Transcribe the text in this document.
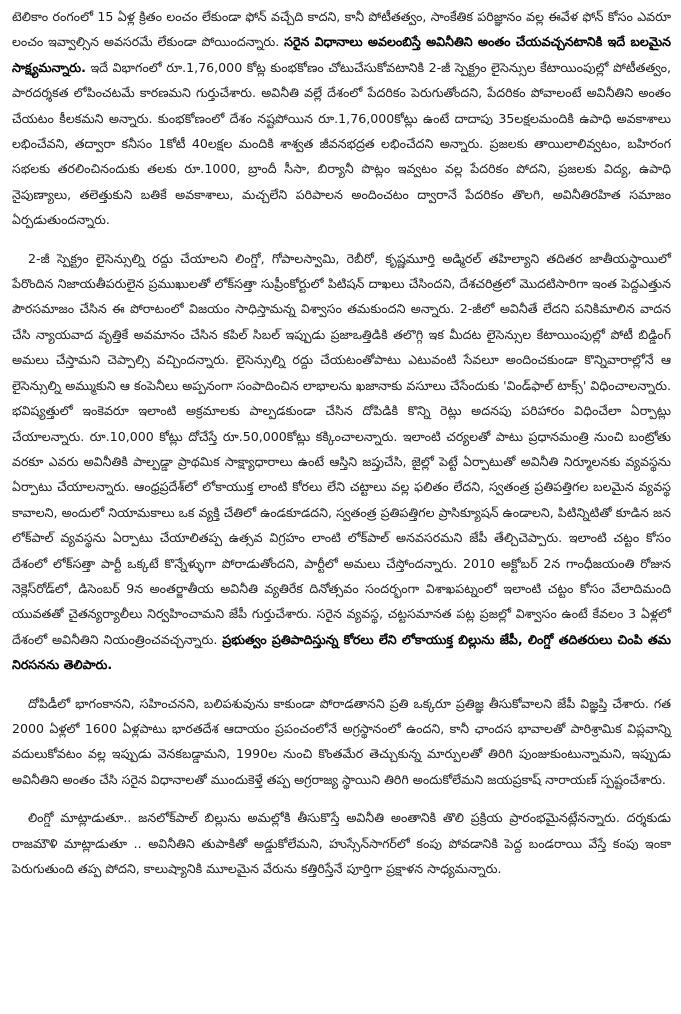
టెలికాం రంగంలో 15 ఏళ్ల క్రితం లంచం లేకుండా ఫోన్ వచ్చేది కాదని, కానీ పోటీతత్వం, సాంకేతిక పరిజ్ఞానం వల్ల ఈవేళ ఫోన్ కోసం ఎవరూ లంచం ఇవ్వాల్సిన అవసరమే లేకుండా పోయిందన్నారు. సరైన విధానాలు అవలంబిస్తే అవినీతిని అంతం చేయవచ్చనటానికి ఇదే బలమైన సాక్ష్యమన్నారు. ఇదే విభాగంలో రూ.1,76,000 కోట్ల కుంభకోణం చోటుచేసుకోవటానికి 2-జీ స్పెక్ట్రం లైసెన్సుల కేటాయింపుల్లో పోటీతత్వం, పారదర్శకత లోపించటమే కారణమని గుర్తుచేశారు. అవినీతి వల్లే దేశంలో పేదరికం పెరుగుతోందని, పేదరికం పోవాలంటే అవినీతిని అంతం చేయటం కీలకమని అన్నారు. కుంభకోణంలో దేశం నష్టపోయిన రూ.1,76,000కోట్లు ఉంటే దాదాపు 35లక్షలమందికి ఉపాధి అవకాశాలు లభించేవని, తద్వారా కనీసం 1కోటీ 40లక్షల మందికి శాశ్వత జీవనభద్రత లభించేదని అన్నారు. ప్రజలకు తాయిలాలివ్వటం, బహిరంగ సభలకు తరలించినందుకు తలకు రూ.1000, బ్రాందీ సీసా, బిర్యానీ పొట్లం ఇవ్వటం వల్ల పేదరికం పోదని, ప్రజలకు విద్య, ఉపాధి నైపుణ్యాలు, తలెత్తుకుని బతికే అవకాశాలు, మచ్చలేని పరిపాలన అందించటం ద్వారానే పేదరికం తొలగి, అవినీతిరహిత సమాజం ఏర్పడుతుందన్నారు.

2-జీ స్పెక్ట్రం లైసెన్సుల్ని రద్దు చేయాలని లింగ్డో, గోపాలస్వామి, రెబీరో, కృష్ణమూర్తి అడ్మిరల్ తహిల్యాని తదితర జాతీయస్థాయిలో పేరొందిన నిజాయతీపరులైన ప్రముఖులతో లోక్‌సత్తా సుప్రీంకోర్టులో పిటిషన్ దాఖలు చేసిందని, దేశచరిత్రలో మొదటిసారిగా ఇంత పెద్దఎత్తున పౌరసమాజం చేసిన ఈ పోరాటంలో విజయం సాధిస్తామన్న విశ్వాసం తమకుందని అన్నారు. 2-జీలో అవినీతే లేదని పనికిమాలిన వాదన చేసి న్యాయవాద వృత్తికే అవమానం చేసిన కపిల్ సిబల్ ఇప్పుడు ప్రజాఒత్తిడికి తలొగ్గి ఇక మీదట లైసెన్సుల కేటాయింపుల్లో పోటీ బిడ్డింగ్ అమలు చేస్తామని చెప్పాల్సి వచ్చిందన్నారు. లైసెన్సుల్ని రద్దు చేయటంతోపాటు ఎటువంటి సేవలూ అందించకుండా కొన్నివారాల్లోనే ఆ లైసెన్సుల్ని అమ్ముకుని ఆ కంపెనీలు అప్పనంగా సంపాదించిన లాభాలను ఖజానాకు వసూలు చేసేందుకు 'విండ్‌ఫాల్ టాక్స్' విధించాలన్నారు. భవిష్యత్తులో ఇంకెవరూ ఇలాంటి అక్రమాలకు పాల్పడకుండా చేసిన దోపిడికి కొన్ని రెట్లు అదనపు పరిహారం విధించేలా ఏర్పాట్లు చేయాలన్నారు. రూ.10,000 కోట్లు దోచేస్తే రూ.50,000కోట్లు కక్కించాలన్నారు. ఇలాంటి చర్యలతో పాటు ప్రధానమంత్రి నుంచి బంట్రోతు వరకూ ఎవరు అవినీతికి పాల్పడ్డా ప్రాథమిక సాక్ష్యాధారాలు ఉంటే ఆస్తిని జప్తుచేసి, జైల్లో పెట్టే ఏర్పాటుతో అవినీతి నిర్మూలనకు వ్యవస్థను ఏర్పాటు చేయాలన్నారు. ఆంధ్రప్రదేశ్‌లో లోకాయుక్త లాంటి కోరలు లేని చట్టాలు వల్ల ఫలితం లేదని, స్వతంత్ర ప్రతిపత్తిగల బలమైన వ్యవస్థ కావాలని, అందులో నియామకాలు ఒక వ్యక్తి చేతిలో ఉండకూడదని, స్వతంత్ర ప్రతిపత్తిగల ప్రాసిక్యూషన్ ఉండాలని, పిటిన్నిటితో కూడిన జన లోక్‌పాల్ వ్యవస్థను ఏర్పాటు చేయాలితప్ప ఉత్సవ విగ్రహం లాంటి లోక్‌పాల్ అనవసరమని జేపీ తేల్చిచెప్పారు. ఇలాంటి చట్టం కోసం దేశంలో లోక్‌సత్తా పార్టీ ఒక్కటే కొన్నేళ్ళుగా పోరాడుతోందని, పార్టీలో అమలు చేస్తోందన్నారు. 2010 అక్టోబర్ 2న గాంధీజయంతి రోజున నెక్లెస్‌రోడ్‌లో, డిసెంబర్ 9న అంతర్జాతీయ అవినీతి వ్యతిరేక దినోత్సవం సందర్భంగా విశాఖపట్నంలో ఇలాంటి చట్టం కోసం వేలాదిమంది యువతతో చైతన్యర్యాలీలు నిర్వహించామని జేపీ గుర్తుచేశారు. సరైన వ్యవస్థ, చట్టసమానత పట్ల ప్రజల్లో విశ్వాసం ఉంటే కేవలం 3 ఏళ్లలో దేశంలో అవినీతిని నియంత్రించవచ్చన్నారు. ప్రభుత్వం ప్రతిపాదిస్తున్న కోరలు లేని లోకాయుక్త బిల్లును జేపీ, లింగ్డో తదితరులు చింపి తమ నిరసనను తెలిపారు.

దోపిడీలో భాగంకానని, సహించనని, బలిపశువును కాకుండా పోరాడతానని ప్రతి ఒక్కరూ ప్రతిజ్ఞ తీసుకోవాలని జేపీ విజ్ఞప్తి చేశారు. గత 2000 ఏళ్లలో 1600 ఏళ్లపాటు భారతదేశ ఆదాయం ప్రపంచంలోనే అగ్రస్థానంలో ఉందని, కానీ ఛాందస భావాలతో పారిశ్రామిక విప్లవాన్ని వదులుకోవటం వల్ల ఇప్పుడు వెనకబడ్డామని, 1990ల నుంచి కొంతమేర తెచ్చుకున్న మార్పులతో తిరిగి పుంజుకుంటున్నామని, ఇప్పుడు అవినీతిని అంతం చేసి సరైన విధానాలతో ముందుకెళ్తే తప్ప అగ్రరాజ్య స్థాయిని తిరిగి అందుకోలేమని జయప్రకాష్ నారాయణ్ స్పష్టంచేశారు.

లింగ్డో మాట్లాడుతూ.. జనలోక్‌పాల్ బిల్లును అమల్లోకి తీసుకొస్తే అవినీతి అంతానికి తొలి ప్రక్రియ ప్రారంభమైనట్లేనన్నారు. దర్శకుడు రాజమౌళి మాట్లాడుతూ .. అవినీతిని తుపాకితో అడ్డుకోలేమని, హుస్సేన్‌సాగర్‌లో కంపు పోవడానికి పెద్ద బండరాయి వేస్తే కంపు ఇంకా పెరుగుతుంది తప్ప పోదని, కాలుష్యానికి మూలమైన వేరును కత్తిరిస్తేనే పూర్తిగా ప్రక్షాళన సాధ్యమన్నారు.
